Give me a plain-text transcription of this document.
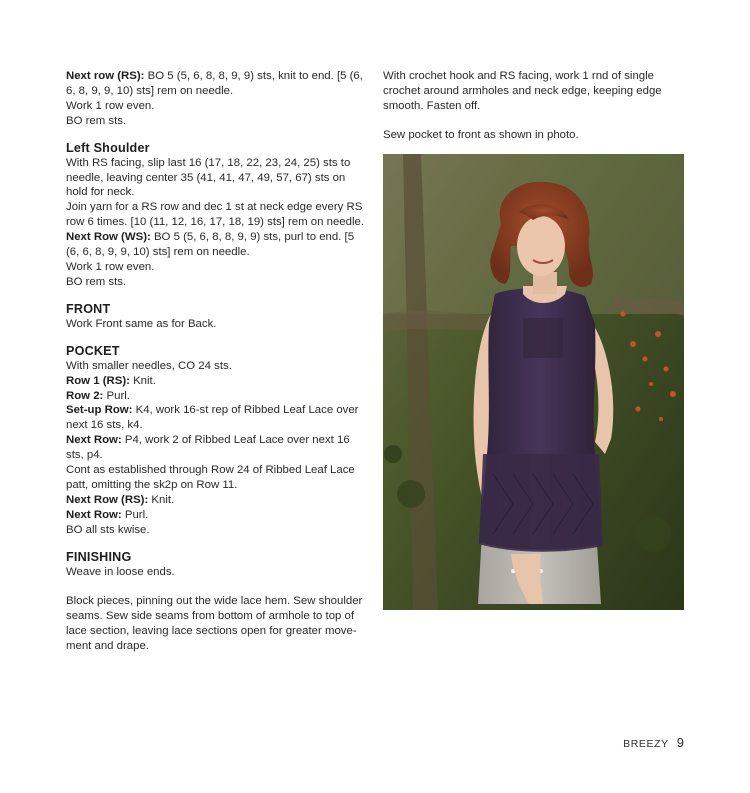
Next row (RS): BO 5 (5, 6, 8, 8, 9, 9) sts, knit to end. [5 (6, 6, 8, 9, 9, 10) sts] rem on needle.

Work 1 row even.

BO rem sts.

Left Shoulder

With RS facing, slip last 16 (17, 18, 22, 23, 24, 25) sts to needle, leaving center 35 (41, 41, 47, 49, 57, 67) sts on hold for neck.

Join yarn for a RS row and dec 1 st at neck edge every RS row 6 times. [10 (11, 12, 16, 17, 18, 19) sts] rem on needle.

Next Row (WS): BO 5 (5, 6, 8, 8, 9, 9) sts, purl to end. [5 (6, 6, 8, 9, 9, 10) sts] rem on needle.

Work 1 row even.

BO rem sts.

FRONT

Work Front same as for Back.

POCKET

With smaller needles, CO 24 sts.

Row 1 (RS): Knit.

Row 2: Purl.

Set-up Row: K4, work 16-st rep of Ribbed Leaf Lace over next 16 sts, k4.

Next Row: P4, work 2 of Ribbed Leaf Lace over next 16 sts, p4.

Cont as established through Row 24 of Ribbed Leaf Lace patt, omitting the sk2p on Row 11.

Next Row (RS): Knit.

Next Row: Purl.

BO all sts kwise.

FINISHING

Weave in loose ends.

Block pieces, pinning out the wide lace hem. Sew shoulder seams. Sew side seams from bottom of armhole to top of lace section, leaving lace sections open for greater move-ment and drape.

With crochet hook and RS facing, work 1 rnd of single crochet around armholes and neck edge, keeping edge smooth. Fasten off.

Sew pocket to front as shown in photo.

BREEZY 9
